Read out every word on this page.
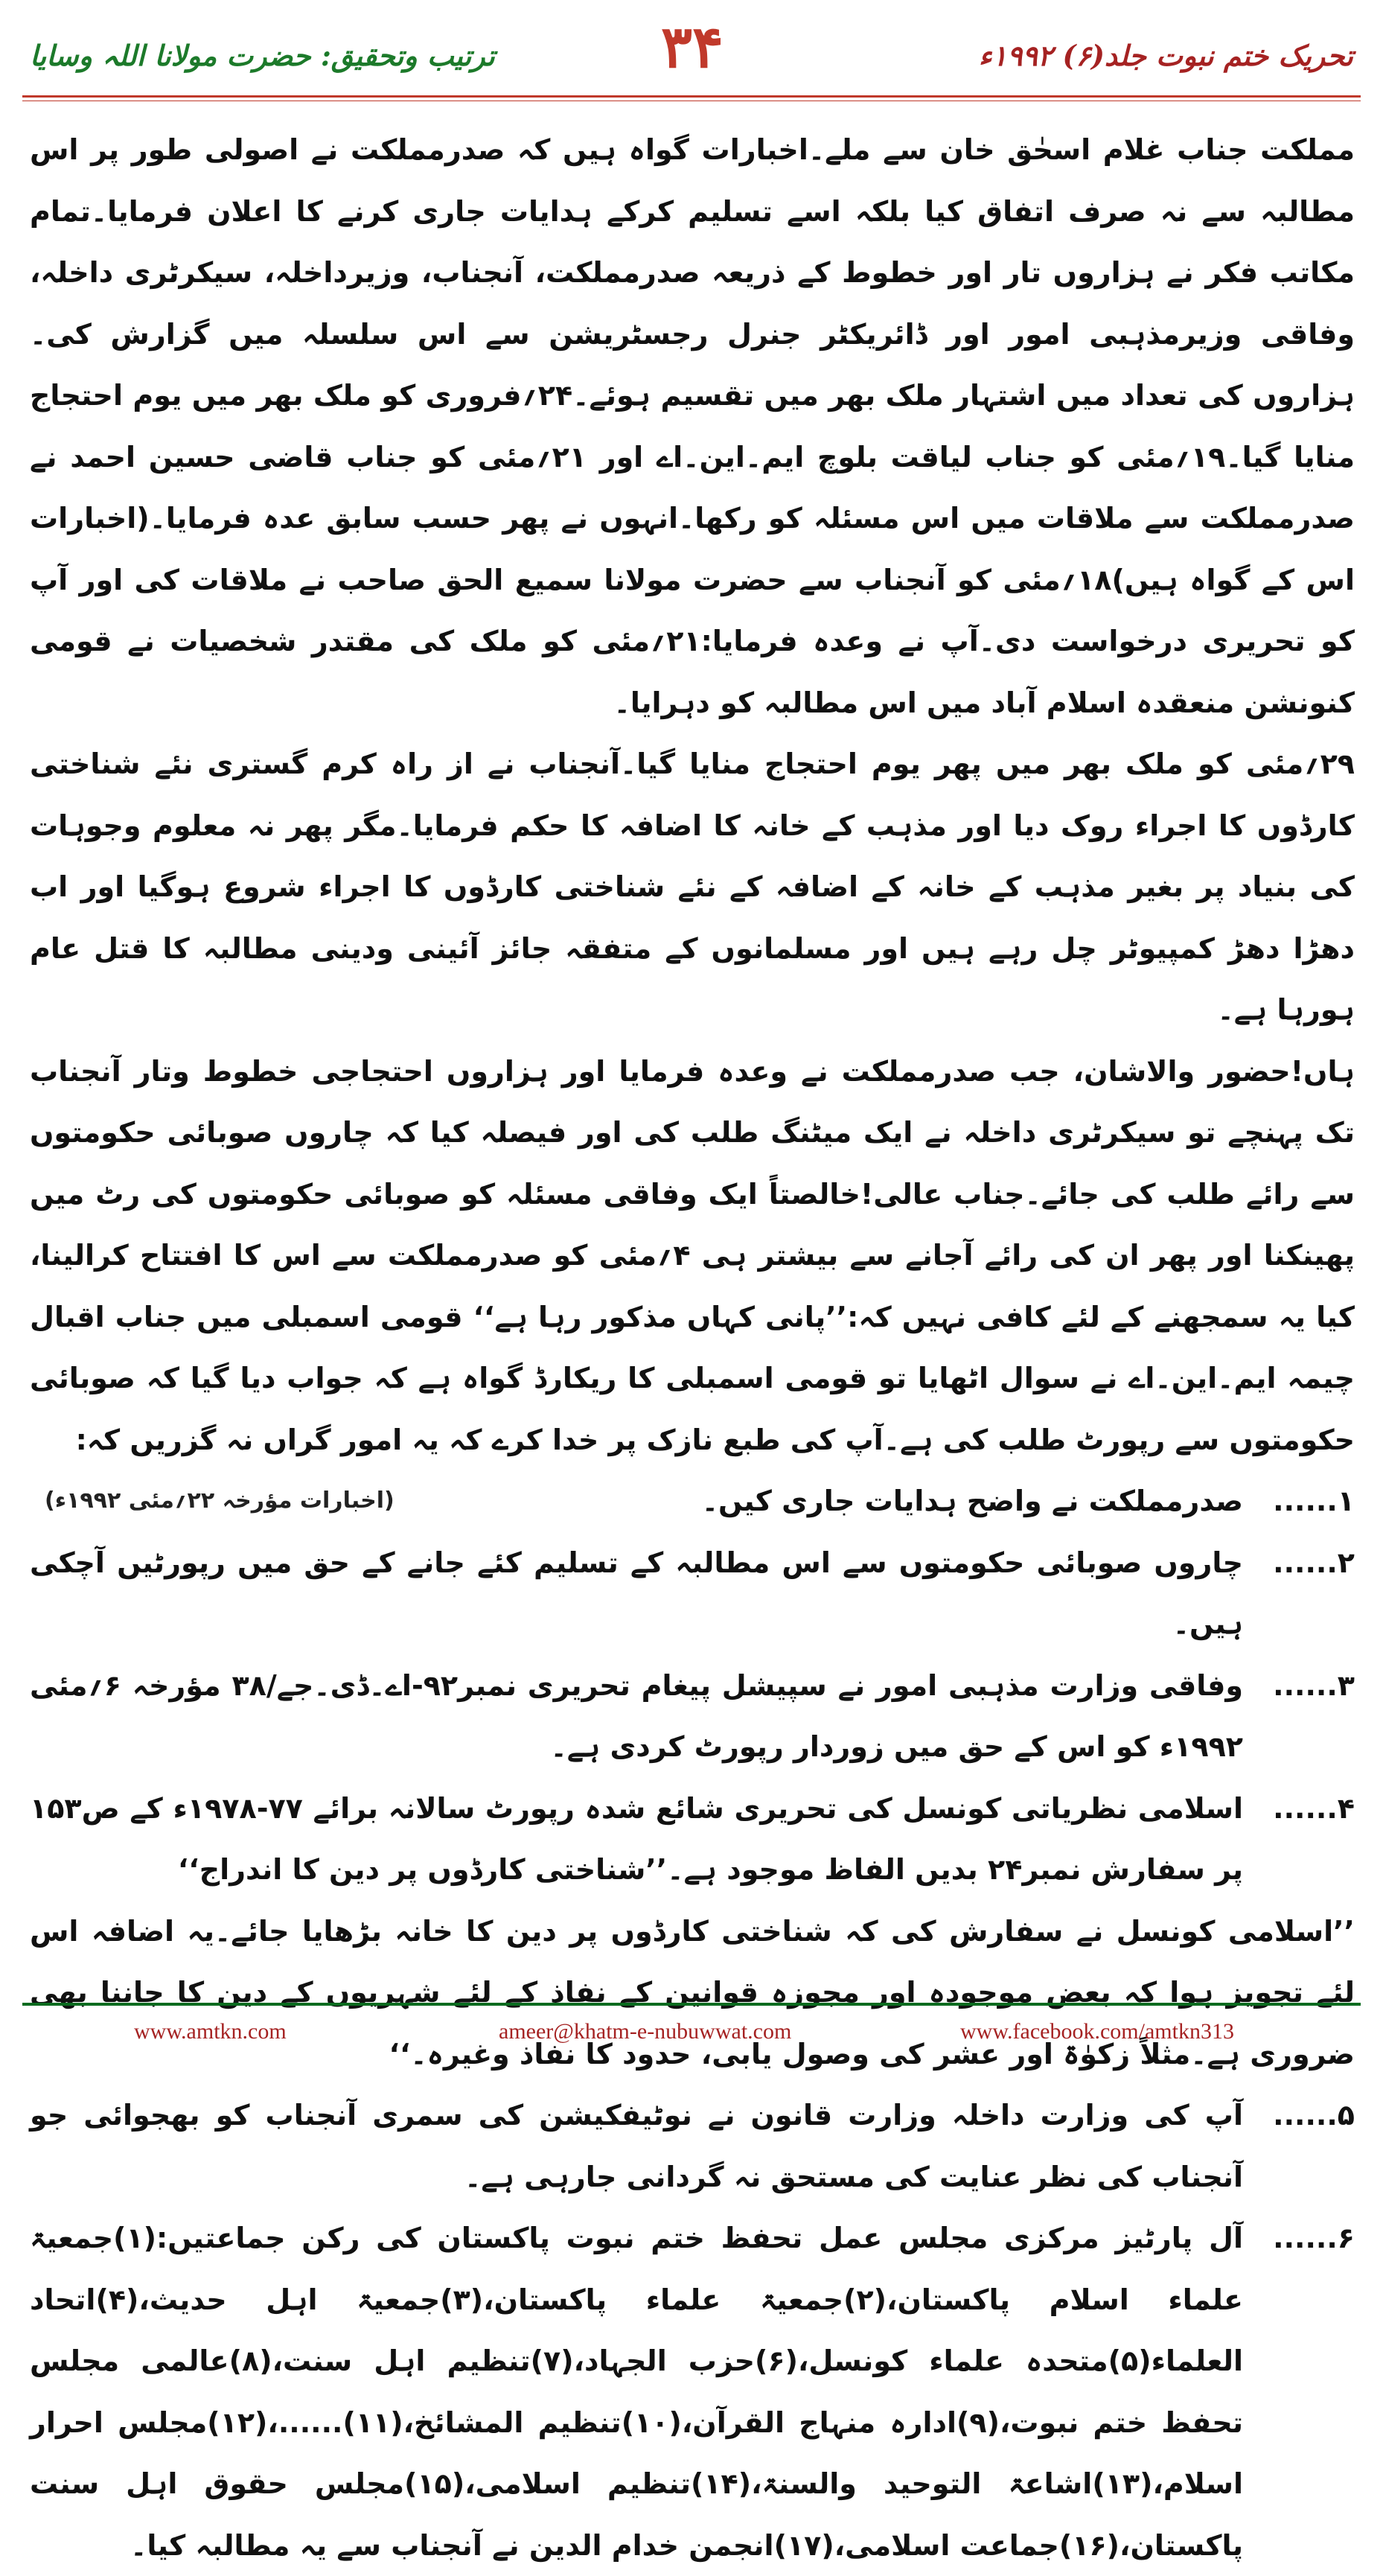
تحریک ختم نبوت جلد(۶) ۱۹۹۲ء
۳۴
ترتیب وتحقیق: حضرت مولانا اللہ وسایا

مملکت جناب غلام اسحٰق خان سے ملے۔اخبارات گواہ ہیں کہ صدرمملکت نے اصولی طور پر اس مطالبہ سے نہ صرف اتفاق کیا بلکہ اسے تسلیم کرکے ہدایات جاری کرنے کا اعلان فرمایا۔تمام مکاتب فکر نے ہزاروں تار اور خطوط کے ذریعہ صدرمملکت، آنجناب، وزیرداخلہ، سیکرٹری داخلہ، وفاقی وزیرمذہبی امور اور ڈائریکٹر جنرل رجسٹریشن سے اس سلسلہ میں گزارش کی۔ ہزاروں کی تعداد میں اشتہار ملک بھر میں تقسیم ہوئے۔۲۴؍فروری کو ملک بھر میں یوم احتجاج منایا گیا۔۱۹؍مئی کو جناب لیاقت بلوچ ایم۔این۔اے اور ۲۱؍مئی کو جناب قاضی حسین احمد نے صدرمملکت سے ملاقات میں اس مسئلہ کو رکھا۔انہوں نے پھر حسب سابق عدہ فرمایا۔(اخبارات اس کے گواہ ہیں)۱۸؍مئی کو آنجناب سے حضرت مولانا سمیع الحق صاحب نے ملاقات کی اور آپ کو تحریری درخواست دی۔آپ نے وعدہ فرمایا:۲۱؍مئی کو ملک کی مقتدر شخصیات نے قومی کنونشن منعقدہ اسلام آباد میں اس مطالبہ کو دہرایا۔

۲۹؍مئی کو ملک بھر میں پھر یوم احتجاج منایا گیا۔آنجناب نے از راہ کرم گستری نئے شناختی کارڈوں کا اجراء روک دیا اور مذہب کے خانہ کا اضافہ کا حکم فرمایا۔مگر پھر نہ معلوم وجوہات کی بنیاد پر بغیر مذہب کے خانہ کے اضافہ کے نئے شناختی کارڈوں کا اجراء شروع ہوگیا اور اب دھڑا دھڑ کمپیوٹر چل رہے ہیں اور مسلمانوں کے متفقہ جائز آئینی ودینی مطالبہ کا قتل عام ہورہا ہے۔

ہاں!حضور والاشان، جب صدرمملکت نے وعدہ فرمایا اور ہزاروں احتجاجی خطوط وتار آنجناب تک پہنچے تو سیکرٹری داخلہ نے ایک میٹنگ طلب کی اور فیصلہ کیا کہ چاروں صوبائی حکومتوں سے رائے طلب کی جائے۔جناب عالی!خالصتاً ایک وفاقی مسئلہ کو صوبائی حکومتوں کی رٹ میں پھینکنا اور پھر ان کی رائے آجانے سے بیشتر ہی ۴؍مئی کو صدرمملکت سے اس کا افتتاح کرالینا، کیا یہ سمجھنے کے لئے کافی نہیں کہ:’’پانی کہاں مذکور رہا ہے‘‘ قومی اسمبلی میں جناب اقبال چیمہ ایم۔این۔اے نے سوال اٹھایا تو قومی اسمبلی کا ریکارڈ گواہ ہے کہ جواب دیا گیا کہ صوبائی حکومتوں سے رپورٹ طلب کی ہے۔آپ کی طبع نازک پر خدا کرے کہ یہ امور گراں نہ گزریں کہ:

۱......
صدرمملکت نے واضح ہدایات جاری کیں۔
(اخبارات مؤرخہ ۲۲؍مئی ۱۹۹۲ء)
۲......
چاروں صوبائی حکومتوں سے اس مطالبہ کے تسلیم کئے جانے کے حق میں رپورٹیں آچکی ہیں۔
۳......
وفاقی وزارت مذہبی امور نے سپیشل پیغام تحریری نمبر۹۲-اے۔ڈی۔جے/۳۸ مؤرخہ ۶؍مئی ۱۹۹۲ء کو اس کے حق میں زوردار رپورٹ کردی ہے۔
۴......
اسلامی نظریاتی کونسل کی تحریری شائع شدہ رپورٹ سالانہ برائے ۷۷-۱۹۷۸ء کے ص۱۵۳ پر سفارش نمبر۲۴ بدیں الفاظ موجود ہے۔’’شناختی کارڈوں پر دین کا اندراج‘‘

’’اسلامی کونسل نے سفارش کی کہ شناختی کارڈوں پر دین کا خانہ بڑھایا جائے۔یہ اضافہ اس لئے تجویز ہوا کہ بعض موجودہ اور مجوزہ قوانین کے نفاذ کے لئے شہریوں کے دین کا جاننا بھی ضروری ہے۔مثلاً زکوٰۃ اور عشر کی وصول یابی، حدود کا نفاذ وغیرہ۔‘‘

۵......
آپ کی وزارت داخلہ وزارت قانون نے نوٹیفکیشن کی سمری آنجناب کو بھجوائی جو آنجناب کی نظر عنایت کی مستحق نہ گردانی جارہی ہے۔
۶......
آل پارٹیز مرکزی مجلس عمل تحفظ ختم نبوت پاکستان کی رکن جماعتیں:(۱)جمعیۃ علماء اسلام پاکستان،(۲)جمعیۃ علماء پاکستان،(۳)جمعیۃ اہل حدیث،(۴)اتحاد العلماء(۵)متحدہ علماء کونسل،(۶)حزب الجہاد،(۷)تنظیم اہل سنت،(۸)عالمی مجلس تحفظ ختم نبوت،(۹)ادارہ منہاج القرآن،(۱۰)تنظیم المشائخ،(۱۱)......،(۱۲)مجلس احرار اسلام،(۱۳)اشاعۃ التوحید والسنۃ،(۱۴)تنظیم اسلامی،(۱۵)مجلس حقوق اہل سنت پاکستان،(۱۶)جماعت اسلامی،(۱۷)انجمن خدام الدین نے آنجناب سے یہ مطالبہ کیا۔
www.amtkn.com	ameer@khatm-e-nubuwwat.com	www.facebook.com/amtkn313
